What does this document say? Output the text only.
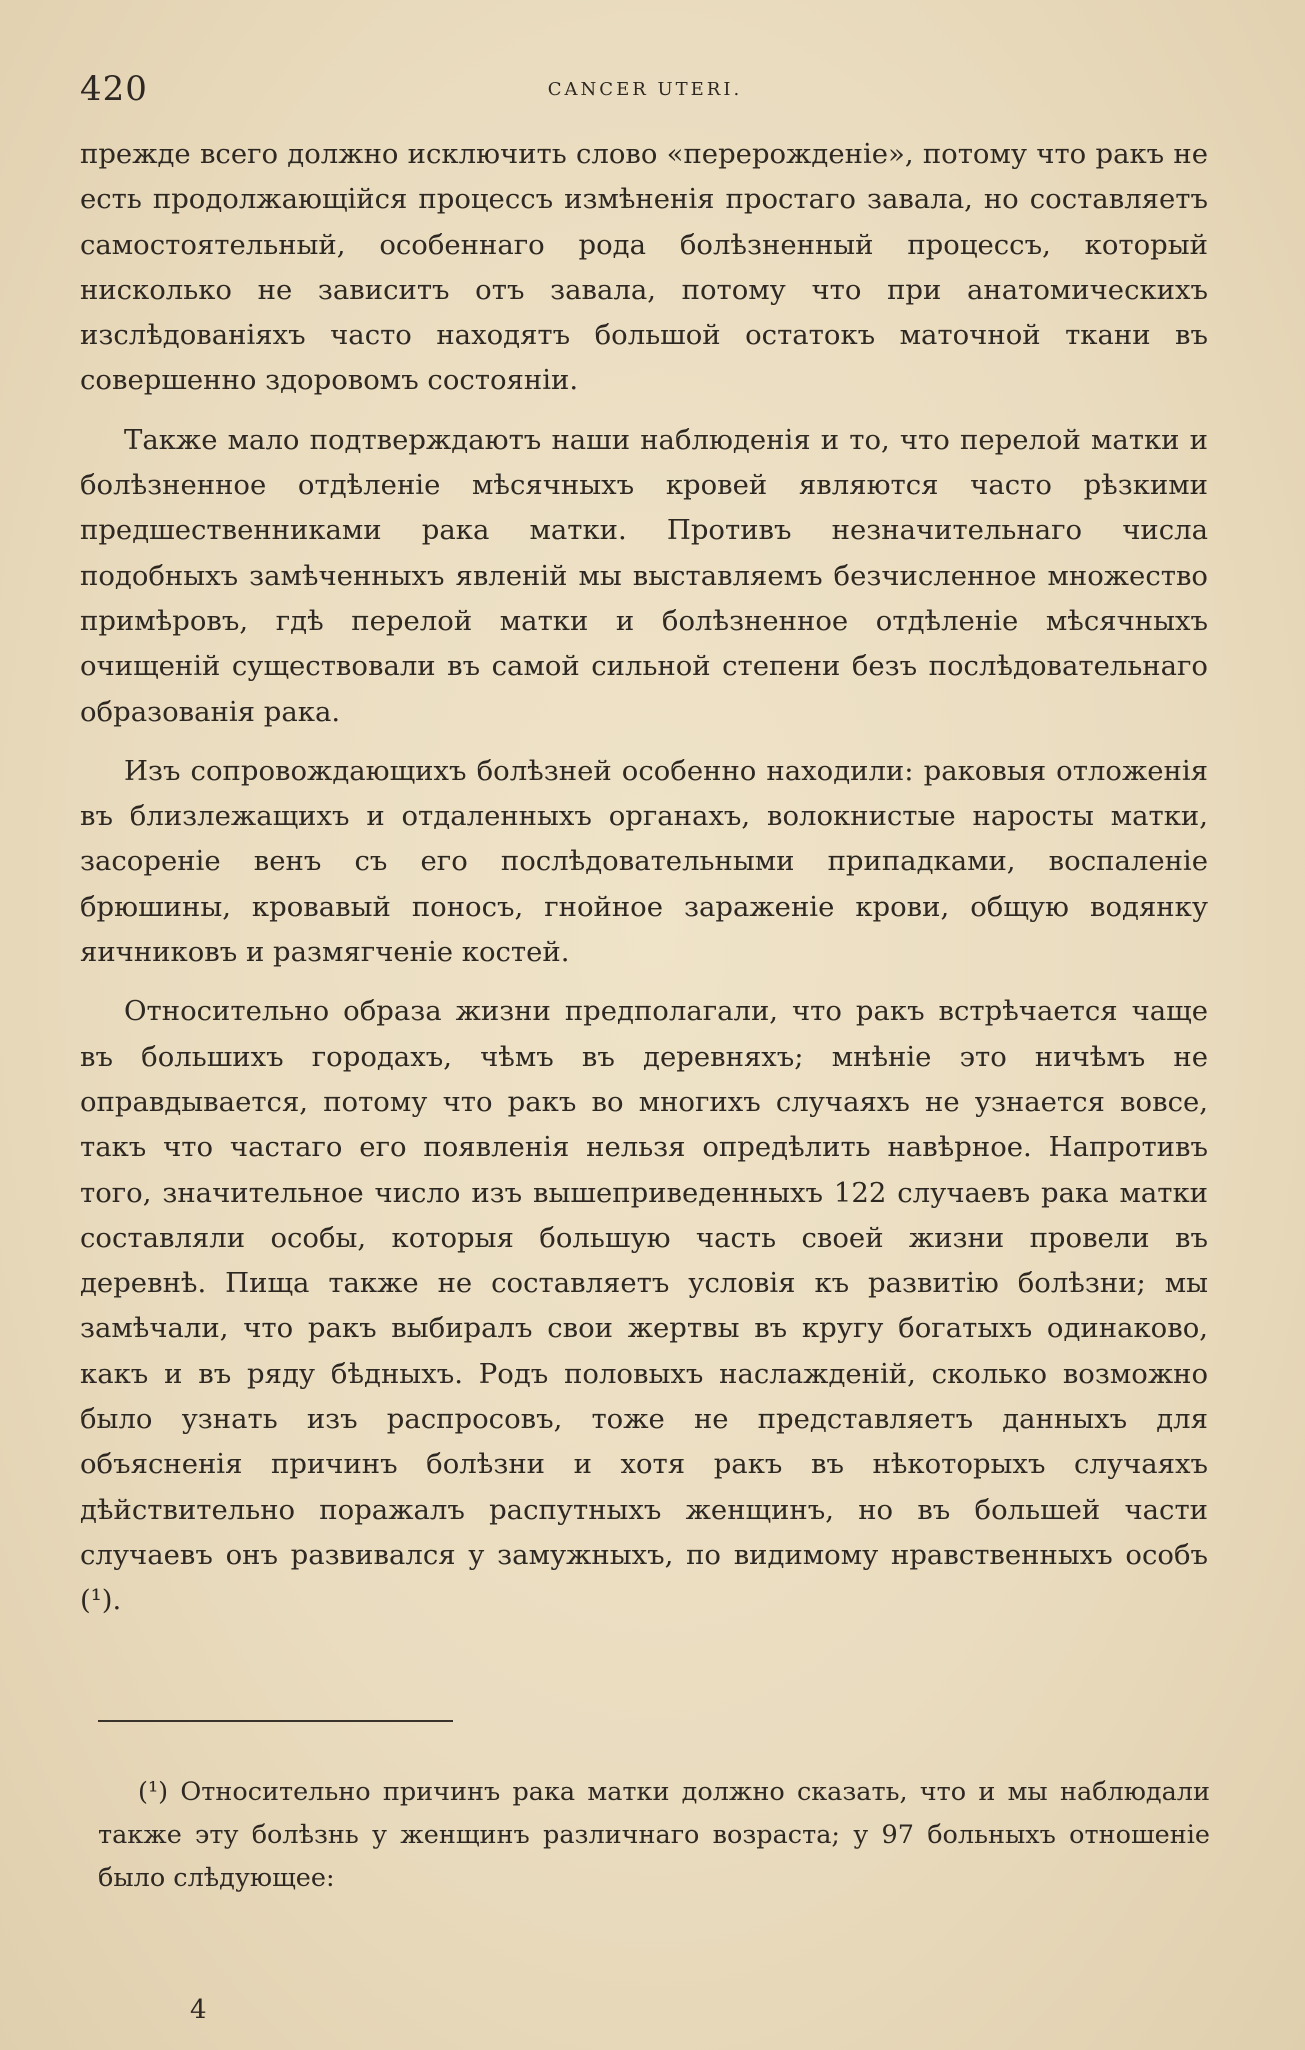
420	CANCER UTERI.

прежде всего должно исключить слово «перерожденіе», потому что ракъ не есть продолжающійся процессъ измѣненія простаго завала, но составляетъ самостоятельный, особеннаго рода болѣзненный процессъ, который нисколько не зависитъ отъ завала, потому что при анатомическихъ изслѣдованіяхъ часто находятъ большой остатокъ маточной ткани въ совершенно здоровомъ состояніи.

Также мало подтверждаютъ наши наблюденія и то, что перелой матки и болѣзненное отдѣленіе мѣсячныхъ кровей являются часто рѣзкими предшественниками рака матки. Противъ незначительнаго числа подобныхъ замѣченныхъ явленій мы выставляемъ безчисленное множество примѣровъ, гдѣ перелой матки и болѣзненное отдѣленіе мѣсячныхъ очищеній существовали въ самой сильной степени безъ послѣдовательнаго образованія рака.

Изъ сопровождающихъ болѣзней особенно находили: раковыя отложенія въ близлежащихъ и отдаленныхъ органахъ, волокнистые наросты матки, засореніе венъ съ его послѣдовательными припадками, воспаленіе брюшины, кровавый поносъ, гнойное зараженіе крови, общую водянку яичниковъ и размягченіе костей.

Относительно образа жизни предполагали, что ракъ встрѣчается чаще въ большихъ городахъ, чѣмъ въ деревняхъ; мнѣніе это ничѣмъ не оправдывается, потому что ракъ во многихъ случаяхъ не узнается вовсе, такъ что частаго его появленія нельзя опредѣлить навѣрное. Напротивъ того, значительное число изъ вышеприведенныхъ 122 случаевъ рака матки составляли особы, которыя большую часть своей жизни провели въ деревнѣ. Пища также не составляетъ условія къ развитію болѣзни; мы замѣчали, что ракъ выбиралъ свои жертвы въ кругу богатыхъ одинаково, какъ и въ ряду бѣдныхъ. Родъ половыхъ наслажденій, сколько возможно было узнать изъ распросовъ, тоже не представляетъ данныхъ для объясненія причинъ болѣзни и хотя ракъ въ нѣкоторыхъ случаяхъ дѣйствительно поражалъ распутныхъ женщинъ, но въ большей части случаевъ онъ развивался у замужныхъ, по видимому нравственныхъ особъ (¹).

(¹) Относительно причинъ рака матки должно сказать, что и мы наблюдали также эту болѣзнь у женщинъ различнаго возраста; у 97 больныхъ отношеніе было слѣдующее:
4
